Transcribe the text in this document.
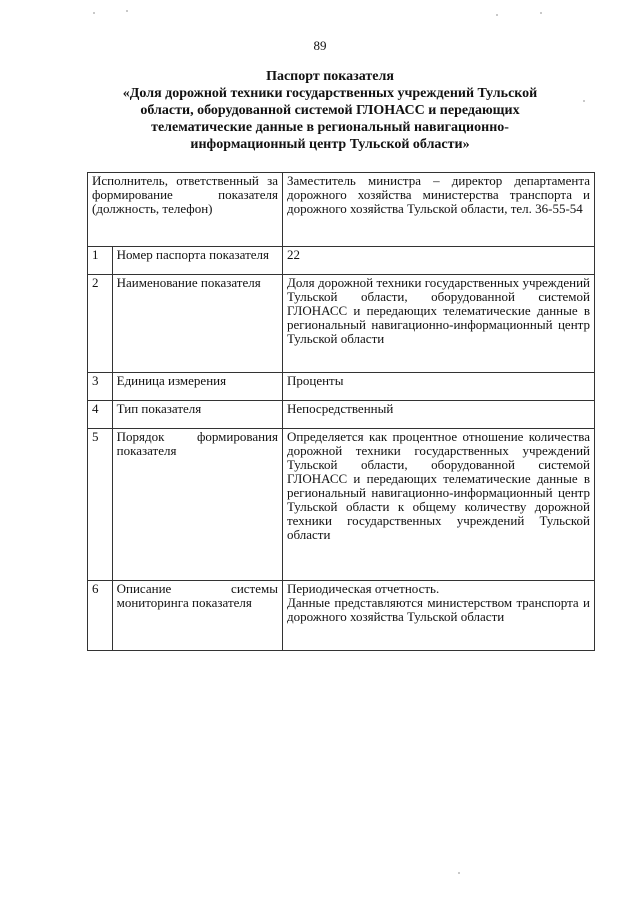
89
Паспорт показателя
«Доля дорожной техники государственных учреждений Тульской
области, оборудованной системой ГЛОНАСС и передающих
телематические данные в региональный навигационно-
информационный центр Тульской области»
Исполнитель, ответственный за формирование показателя (должность, телефон)		Заместитель министра – директор департамента дорожного хозяйства министерства транспорта и дорожного хозяйства Тульской области, тел. 36-55-54
1	Номер паспорта показателя	22
2	Наименование показателя	Доля дорожной техники государственных учреждений Тульской области, оборудованной системой ГЛОНАСС и передающих телематические данные в региональный навигационно-информационный центр Тульской области
3	Единица измерения	Проценты
4	Тип показателя	Непосредственный
5	Порядок формирования показателя	Определяется как процентное отношение количества дорожной техники государственных учреждений Тульской области, оборудованной системой ГЛОНАСС и передающих телематические данные в региональный навигационно-информационный центр Тульской области к общему количеству дорожной техники государственных учреждений Тульской области
6	Описание системы мониторинга показателя	Периодическая отчетность.
Данные представляются министерством транспорта и дорожного хозяйства Тульской области
